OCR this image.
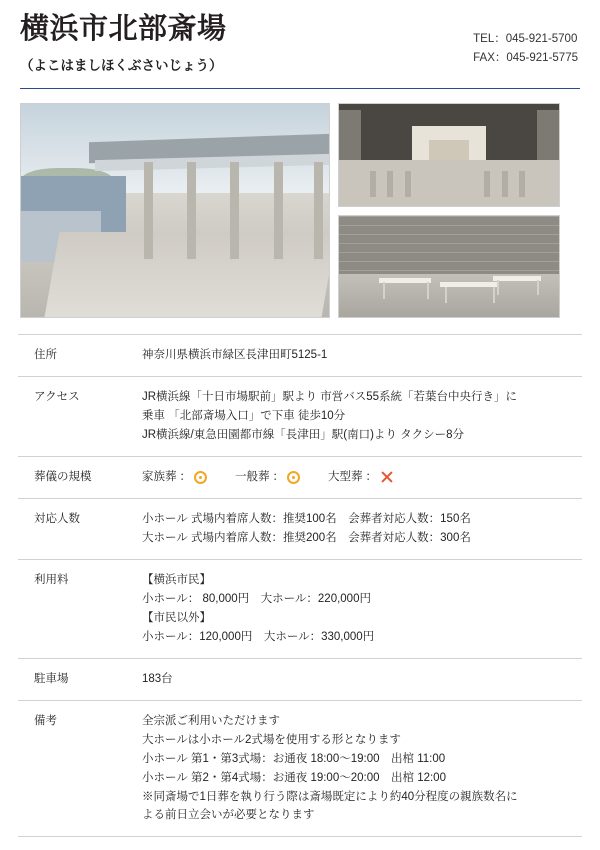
横浜市北部斎場
（よこはましほくぶさいじょう）
TEL：045-921-5700
FAX：045-921-5775
住所	神奈川県横浜市緑区長津田町5125-1

アクセス	JR横浜線「十日市場駅前」駅より 市営バス55系統「若葉台中央行き」に
乗車 「北部斎場入口」で下車 徒歩10分
JR横浜線/東急田園都市線「長津田」駅(南口)より タクシー8分

葬儀の規模	家族葬 ：	一般葬 ：	大型葬 ：

対応人数	小ホール 式場内着席人数：推奨100名　会葬者対応人数：150名
大ホール 式場内着席人数：推奨200名　会葬者対応人数：300名

利用料	【横浜市民】
小ホール： 80,000円　大ホール：220,000円
【市民以外】
小ホール：120,000円　大ホール：330,000円

駐車場	183台

備考	全宗派ご利用いただけます
大ホールは小ホール2式場を使用する形となります
小ホール 第1・第3式場：お通夜 18:00～19:00　出棺 11:00
小ホール 第2・第4式場：お通夜 19:00～20:00　出棺 12:00
※同斎場で1日葬を執り行う際は斎場既定により約40分程度の親族数名に
よる前日立会いが必要となります
